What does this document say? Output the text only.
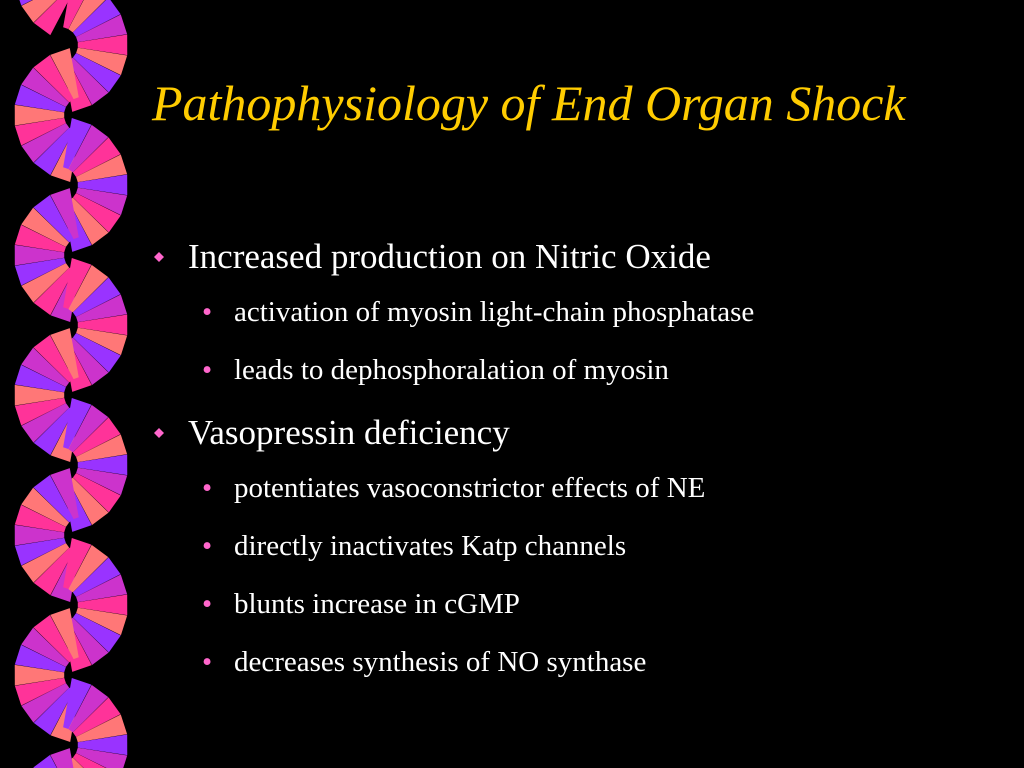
Pathophysiology of End Organ Shock
Increased production on Nitric Oxide
• activation of myosin light-chain phosphatase
• leads to dephosphoralation of myosin
Vasopressin deficiency
• potentiates vasoconstrictor effects of NE
• directly inactivates Katp channels
• blunts increase in cGMP
• decreases synthesis of NO synthase
